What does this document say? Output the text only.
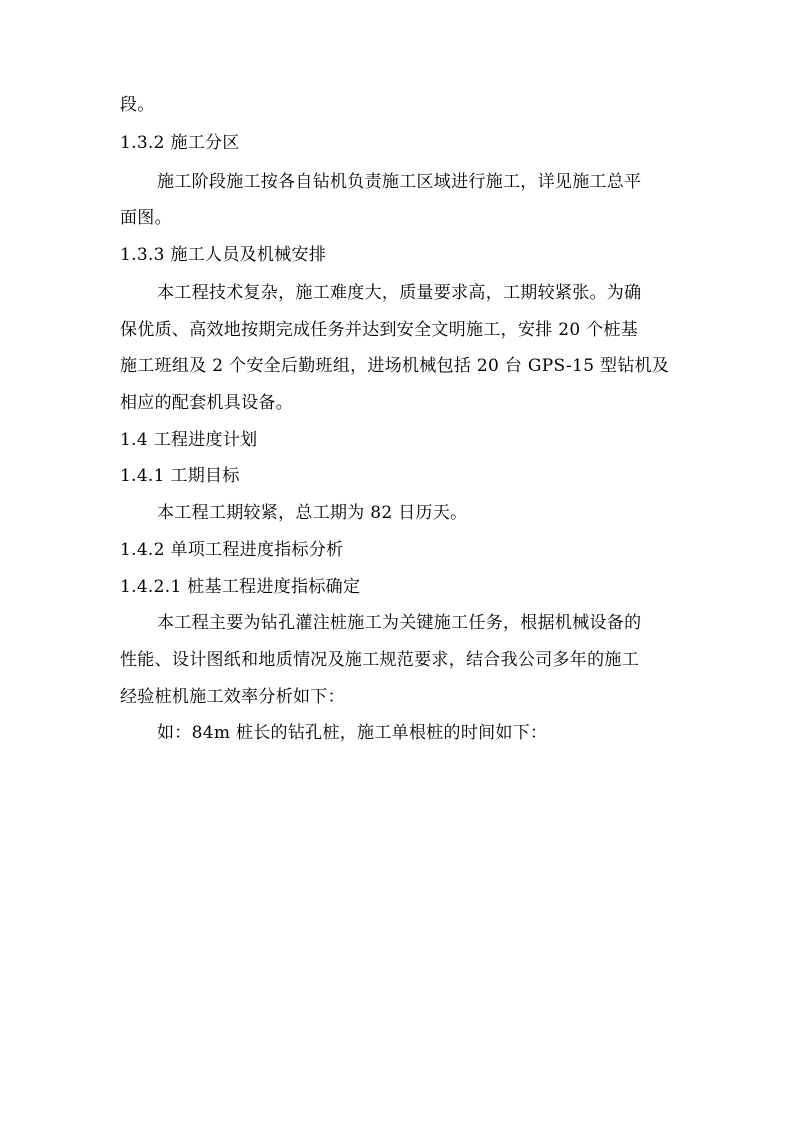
段。
1.3.2 施工分区
施工阶段施工按各自钻机负责施工区域进行施工，详见施工总平
面图。
1.3.3 施工人员及机械安排
本工程技术复杂，施工难度大，质量要求高，工期较紧张。为确
保优质、高效地按期完成任务并达到安全文明施工，安排 20 个桩基
施工班组及 2 个安全后勤班组，进场机械包括 20 台 GPS-15 型钻机及
相应的配套机具设备。
1.4 工程进度计划
1.4.1 工期目标
本工程工期较紧，总工期为 82 日历天。
1.4.2 单项工程进度指标分析
1.4.2.1 桩基工程进度指标确定
本工程主要为钻孔灌注桩施工为关键施工任务，根据机械设备的
性能、设计图纸和地质情况及施工规范要求，结合我公司多年的施工
经验桩机施工效率分析如下：
如：84m 桩长的钻孔桩，施工单根桩的时间如下：
